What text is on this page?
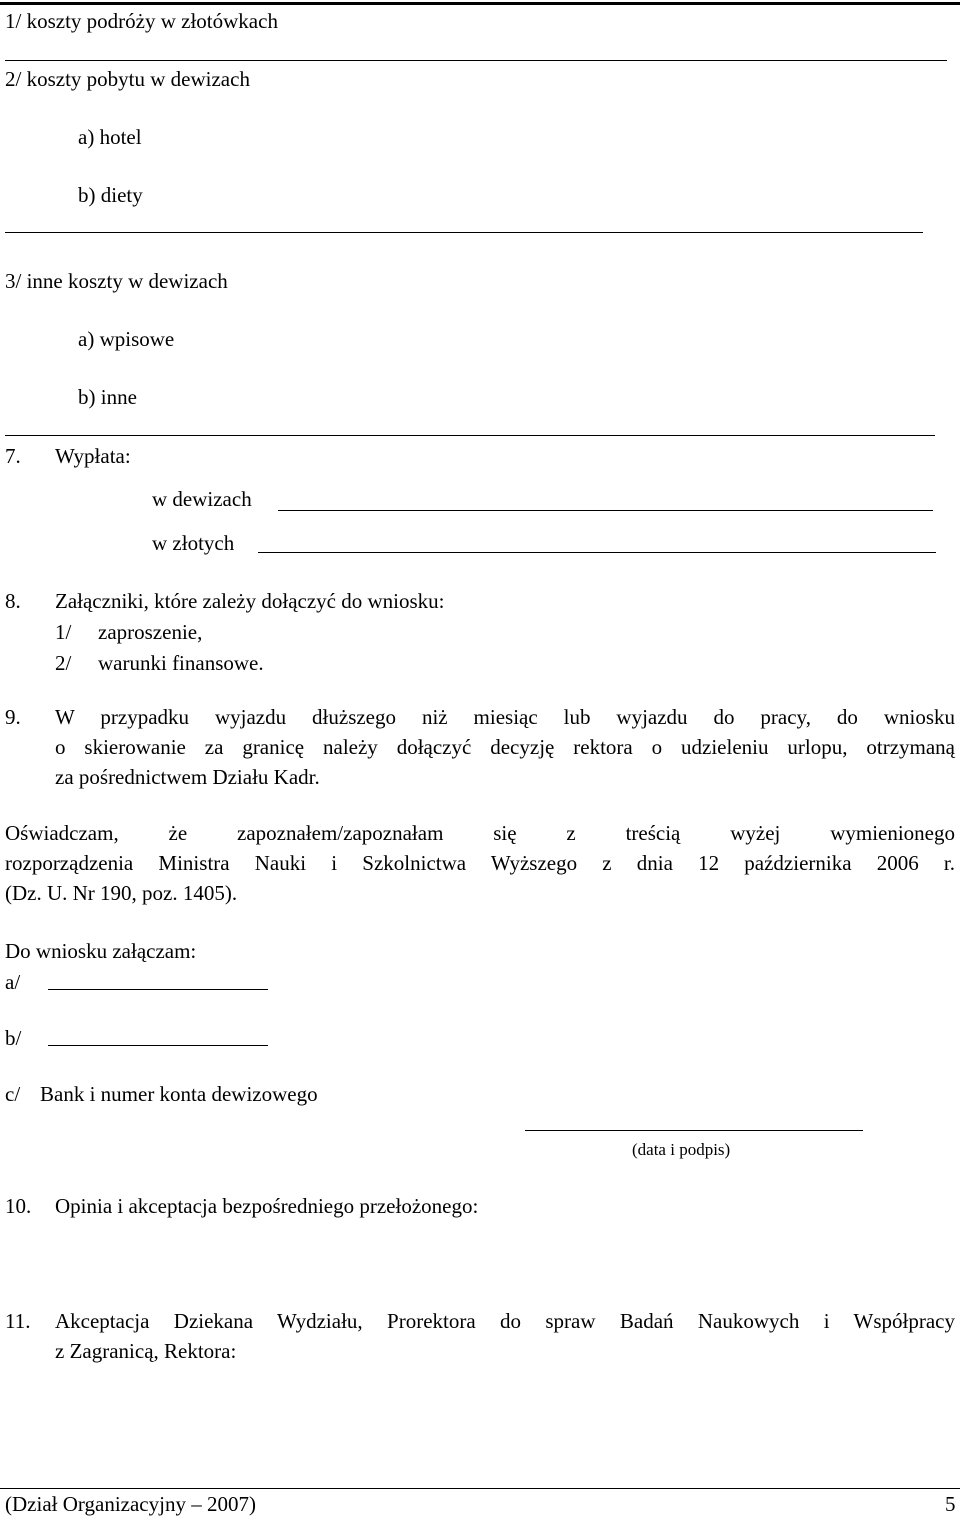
1/ koszty podróży w złotówkach
2/ koszty pobytu w dewizach
a) hotel
b) diety
3/ inne koszty w dewizach
a) wpisowe
b) inne
7. Wypłata:
w dewizach
w złotych
8. Załączniki, które zależy dołączyć do wniosku:
1/ zaproszenie,
2/ warunki finansowe.
9. W przypadku wyjazdu dłuższego niż miesiąc lub wyjazdu do pracy, do wniosku
o skierowanie za granicę należy dołączyć decyzję rektora o udzieleniu urlopu, otrzymaną
za pośrednictwem Działu Kadr.
Oświadczam, że zapoznałem/zapoznałam się z treścią wyżej wymienionego
rozporządzenia Ministra Nauki i Szkolnictwa Wyższego z dnia 12 października 2006 r.
(Dz. U. Nr 190, poz. 1405).
Do wniosku załączam:
a/
b/
c/ Bank i numer konta dewizowego
(data i podpis)
10. Opinia i akceptacja bezpośredniego przełożonego:
11. Akceptacja Dziekana Wydziału, Prorektora do spraw Badań Naukowych i Współpracy
z Zagranicą, Rektora:
(Dział Organizacyjny – 2007)	5
